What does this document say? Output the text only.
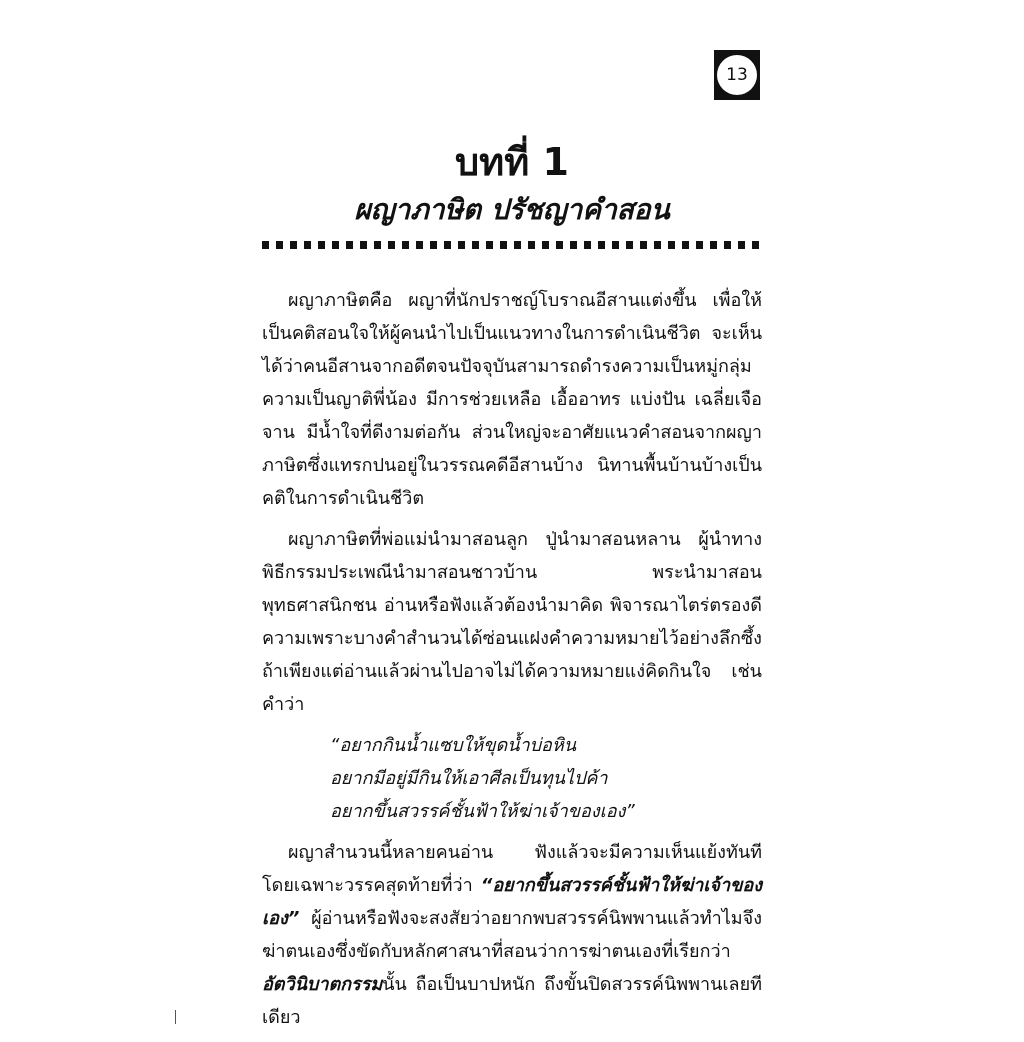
13
บทที่ 1
ผญาภาษิต ปรัชญาคำสอน

ผญาภาษิตคือ ผญาที่นักปราชญ์โบราณอีสานแต่งขึ้น เพื่อให้เป็นคติสอนใจให้ผู้คนนำไปเป็นแนวทางในการดำเนินชีวิต จะเห็นได้ว่าคนอีสานจากอดีตจนปัจจุบันสามารถดำรงความเป็นหมู่กลุ่ม ความเป็นญาติพี่น้อง มีการช่วยเหลือ เอื้ออาทร แบ่งปัน เฉลี่ยเจือจาน มีน้ำใจที่ดีงามต่อกัน ส่วนใหญ่จะอาศัยแนวคำสอนจากผญาภาษิตซึ่งแทรกปนอยู่ในวรรณคดีอีสานบ้าง นิทานพื้นบ้านบ้างเป็นคติในการดำเนินชีวิต

ผญาภาษิตที่พ่อแม่นำมาสอนลูก ปู่นำมาสอนหลาน ผู้นำทางพิธีกรรมประเพณีนำมาสอนชาวบ้าน พระนำมาสอนพุทธศาสนิกชน อ่านหรือฟังแล้วต้องนำมาคิด พิจารณาไตร่ตรองดีความเพราะบางคำสำนวนได้ซ่อนแฝงคำความหมายไว้อย่างลึกซึ้ง ถ้าเพียงแต่อ่านแล้วผ่านไปอาจไม่ได้ความหมายแง่คิดกินใจ เช่นคำว่า

“อยากกินน้ำแซบให้ขุดน้ำบ่อหิน
อยากมีอยู่มีกินให้เอาศีลเป็นทุนไปค้า
อยากขึ้นสวรรค์ชั้นฟ้าให้ฆ่าเจ้าของเอง”

ผญาสำนวนนี้หลายคนอ่าน ฟังแล้วจะมีความเห็นแย้งทันที โดยเฉพาะวรรคสุดท้ายที่ว่า “อยากขึ้นสวรรค์ชั้นฟ้าให้ฆ่าเจ้าของเอง” ผู้อ่านหรือฟังจะสงสัยว่าอยากพบสวรรค์นิพพานแล้วทำไมจึงฆ่าตนเองซึ่งขัดกับหลักศาสนาที่สอนว่าการฆ่าตนเองที่เรียกว่าอัตวินิบาตกรรมนั้น ถือเป็นบาปหนัก ถึงขั้นปิดสวรรค์นิพพานเลยทีเดียว
